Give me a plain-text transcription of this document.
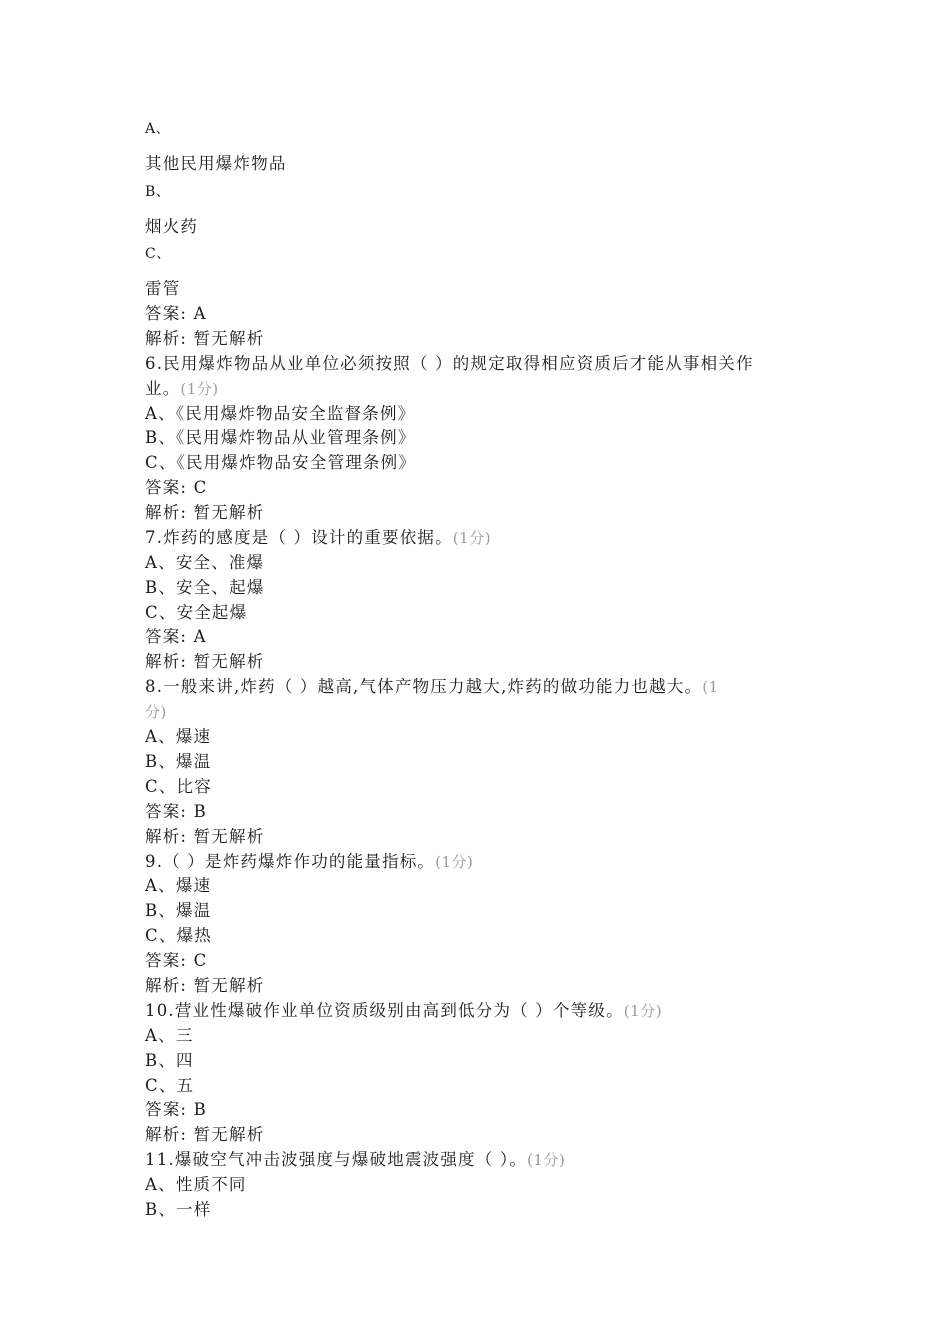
A、
其他民用爆炸物品
B、
烟火药
C、
雷管
答案: A
解析: 暂无解析
6.民用爆炸物品从业单位必须按照（ ）的规定取得相应资质后才能从事相关作
业。(1分)
A、《民用爆炸物品安全监督条例》
B、《民用爆炸物品从业管理条例》
C、《民用爆炸物品安全管理条例》
答案: C
解析: 暂无解析
7.炸药的感度是（ ）设计的重要依据。(1分)
A、安全、准爆
B、安全、起爆
C、安全起爆
答案: A
解析: 暂无解析
8.一般来讲,炸药（ ）越高,气体产物压力越大,炸药的做功能力也越大。(1
分)
A、爆速
B、爆温
C、比容
答案: B
解析: 暂无解析
9.（ ）是炸药爆炸作功的能量指标。(1分)
A、爆速
B、爆温
C、爆热
答案: C
解析: 暂无解析
10.营业性爆破作业单位资质级别由高到低分为（ ）个等级。(1分)
A、三
B、四
C、五
答案: B
解析: 暂无解析
11.爆破空气冲击波强度与爆破地震波强度（ ）。(1分)
A、性质不同
B、一样
